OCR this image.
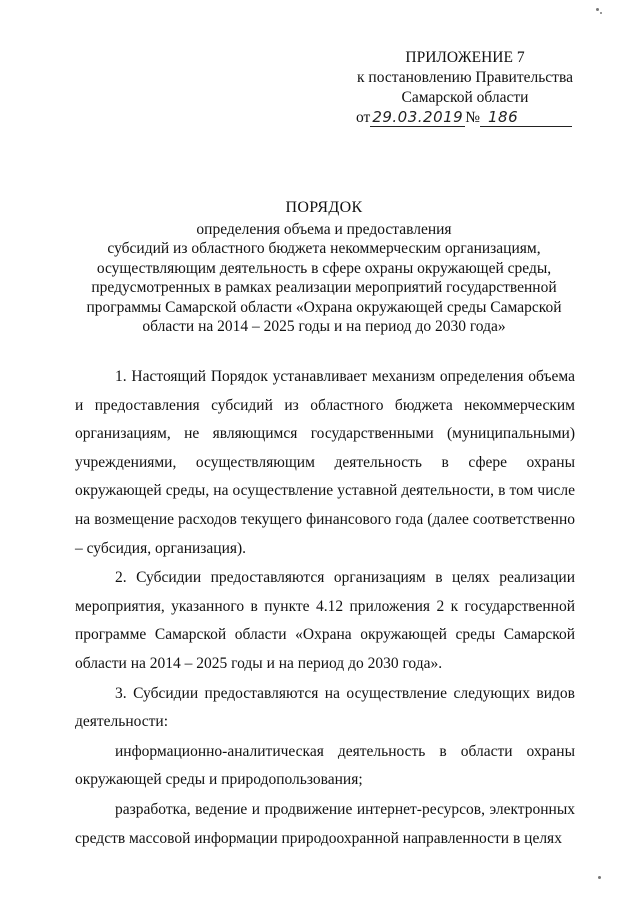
ПРИЛОЖЕНИЕ 7
к постановлению Правительства
Самарской области
от 29.03.2019 № 186
ПОРЯДОК
определения объема и предоставления
субсидий из областного бюджета некоммерческим организациям,
осуществляющим деятельность в сфере охраны окружающей среды,
предусмотренных в рамках реализации мероприятий государственной
программы Самарской области «Охрана окружающей среды Самарской
области на 2014 – 2025 годы и на период до 2030 года»

1. Настоящий Порядок устанавливает механизм определения объема и предоставления субсидий из областного бюджета некоммерческим организациям, не являющимся государственными (муниципальными) учреждениями, осуществляющим деятельность в сфере охраны окружающей среды, на осуществление уставной деятельности, в том числе на возмещение расходов текущего финансового года (далее соответственно – субсидия, организация).

2. Субсидии предоставляются организациям в целях реализации мероприятия, указанного в пункте 4.12 приложения 2 к государственной программе Самарской области «Охрана окружающей среды Самарской области на 2014 – 2025 годы и на период до 2030 года».

3. Субсидии предоставляются на осуществление следующих видов деятельности:

информационно-аналитическая деятельность в области охраны окружающей среды и природопользования;

разработка, ведение и продвижение интернет-ресурсов, электронных средств массовой информации природоохранной направленности в целях
